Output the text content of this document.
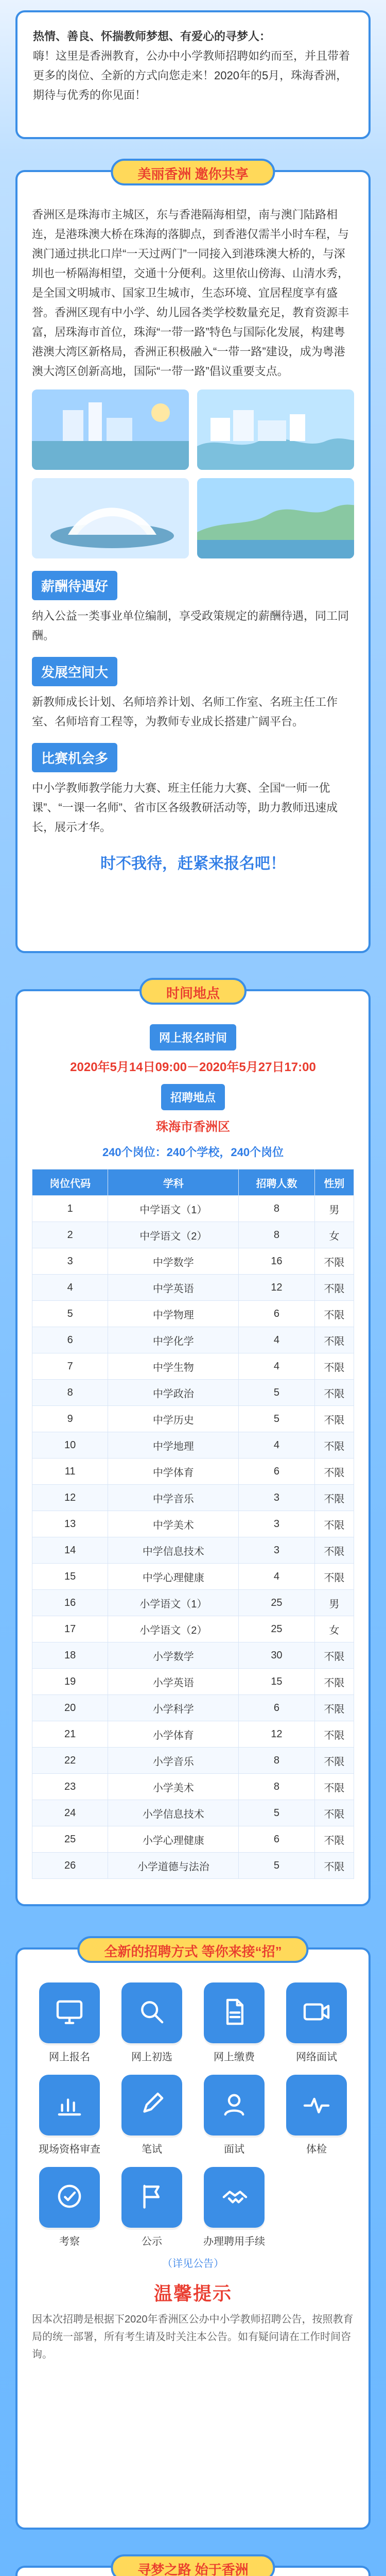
热情、善良、怀揣教师梦想、有爱心的寻梦人：
嗨！这里是香洲教育，公办中小学教师招聘如约而至，并且带着更多的岗位、全新的方式向您走来！2020年的5月，珠海香洲，期待与优秀的你见面！
美丽香洲 邀你共享
香洲区是珠海市主城区，东与香港隔海相望，南与澳门陆路相连，是港珠澳大桥在珠海的落脚点，到香港仅需半小时车程，与澳门通过拱北口岸“一天过两门”一同接入到港珠澳大桥的，与深圳也一桥隔海相望，交通十分便利。这里依山傍海、山清水秀，是全国文明城市、国家卫生城市，生态环境、宜居程度享有盛誉。香洲区现有中小学、幼儿园各类学校数量充足，教育资源丰富，居珠海市首位，珠海“一带一路”特色与国际化发展，构建粤港澳大湾区新格局，香洲正积极融入“一带一路”建设，成为粤港澳大湾区创新高地，国际“一带一路”倡议重要支点。
薪酬待遇好
纳入公益一类事业单位编制，享受政策规定的薪酬待遇，同工同酬。
发展空间大
新教师成长计划、名师培养计划、名师工作室、名班主任工作室、名师培育工程等，为教师专业成长搭建广阔平台。
比赛机会多
中小学教师教学能力大赛、班主任能力大赛、全国“一师一优课”、“一课一名师”、省市区各级教研活动等，助力教师迅速成长，展示才华。
时不我待，赶紧来报名吧！
时间地点
网上报名时间
2020年5月14日09:00－2020年5月27日17:00
招聘地点
珠海市香洲区
240个岗位：240个学校，240个岗位
岗位代码	学科	招聘人数	性别
1	中学语文（1）	8	男
2	中学语文（2）	8	女
3	中学数学	16	不限
4	中学英语	12	不限
5	中学物理	6	不限
6	中学化学	4	不限
7	中学生物	4	不限
8	中学政治	5	不限
9	中学历史	5	不限
10	中学地理	4	不限
11	中学体育	6	不限
12	中学音乐	3	不限
13	中学美术	3	不限
14	中学信息技术	3	不限
15	中学心理健康	4	不限
16	小学语文（1）	25	男
17	小学语文（2）	25	女
18	小学数学	30	不限
19	小学英语	15	不限
20	小学科学	6	不限
21	小学体育	12	不限
22	小学音乐	8	不限
23	小学美术	8	不限
24	小学信息技术	5	不限
25	小学心理健康	6	不限
26	小学道德与法治	5	不限
全新的招聘方式 等你来接“招”
网上报名	网上初选	网上缴费	网络面试
现场资格审查	笔试	面试	体检
考察	公示	办理聘用手续
（详见公告）
温馨提示
因本次招聘是根据下2020年香洲区公办中小学教师招聘公告，按照教育局的统一部署，所有考生请及时关注本公告。如有疑问请在工作时间咨询。
寻梦之路 始于香洲
